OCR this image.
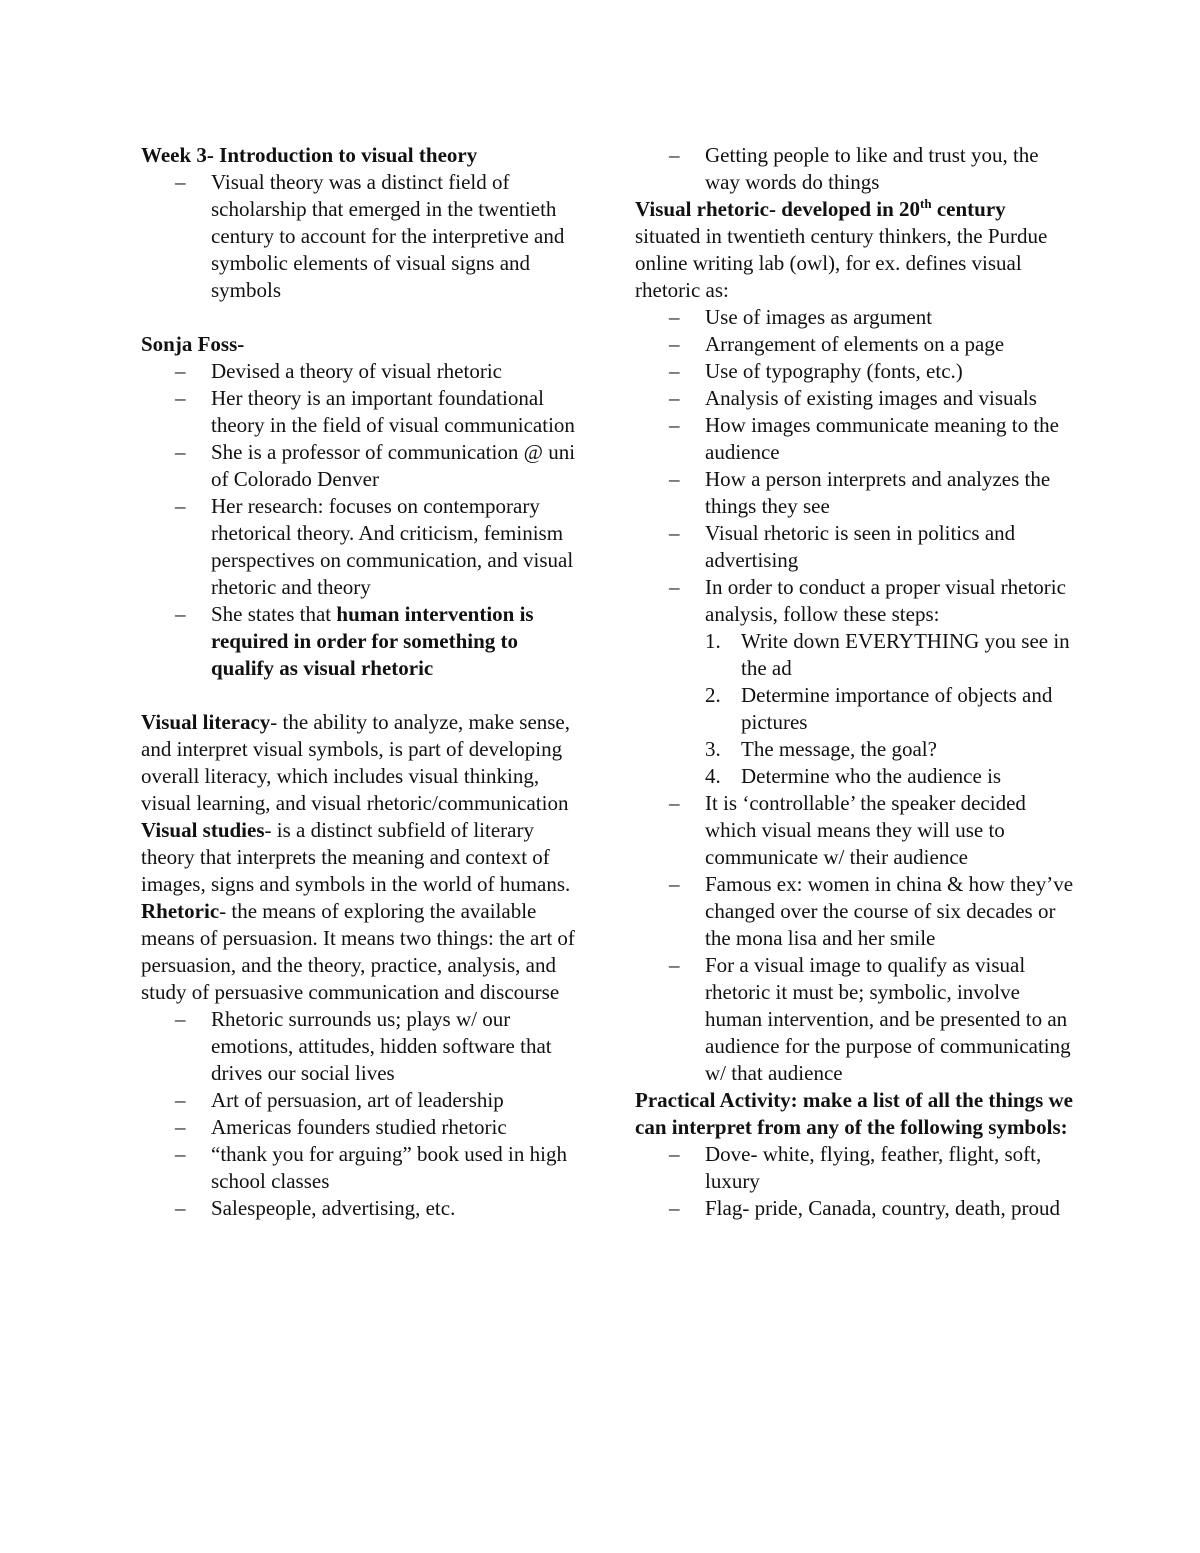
Week 3- Introduction to visual theory

– Visual theory was a distinct field of scholarship that emerged in the twentieth century to account for the interpretive and symbolic elements of visual signs and symbols

Sonja Foss-

– Devised a theory of visual rhetoric
– Her theory is an important foundational theory in the field of visual communication
– She is a professor of communication @ uni of Colorado Denver
– Her research: focuses on contemporary rhetorical theory. And criticism, feminism perspectives on communication, and visual rhetoric and theory
– She states that human intervention is required in order for something to qualify as visual rhetoric

Visual literacy- the ability to analyze, make sense, and interpret visual symbols, is part of developing overall literacy, which includes visual thinking, visual learning, and visual rhetoric/communication

Visual studies- is a distinct subfield of literary theory that interprets the meaning and context of images, signs and symbols in the world of humans.

Rhetoric- the means of exploring the available means of persuasion. It means two things: the art of persuasion, and the theory, practice, analysis, and study of persuasive communication and discourse

– Rhetoric surrounds us; plays w/ our emotions, attitudes, hidden software that drives our social lives
– Art of persuasion, art of leadership
– Americas founders studied rhetoric
– “thank you for arguing” book used in high school classes
– Salespeople, advertising, etc.
– Getting people to like and trust you, the way words do things

Visual rhetoric- developed in 20th century

situated in twentieth century thinkers, the Purdue online writing lab (owl), for ex. defines visual rhetoric as:

– Use of images as argument
– Arrangement of elements on a page
– Use of typography (fonts, etc.)
– Analysis of existing images and visuals
– How images communicate meaning to the audience
– How a person interprets and analyzes the things they see
– Visual rhetoric is seen in politics and advertising
– In order to conduct a proper visual rhetoric analysis, follow these steps:
1. Write down EVERYTHING you see in the ad
2. Determine importance of objects and pictures
3. The message, the goal?
4. Determine who the audience is
– It is ‘controllable’ the speaker decided which visual means they will use to communicate w/ their audience
– Famous ex: women in china & how they’ve changed over the course of six decades or the mona lisa and her smile
– For a visual image to qualify as visual rhetoric it must be; symbolic, involve human intervention, and be presented to an audience for the purpose of communicating w/ that audience

Practical Activity: make a list of all the things we can interpret from any of the following symbols:

– Dove- white, flying, feather, flight, soft, luxury
– Flag- pride, Canada, country, death, proud
